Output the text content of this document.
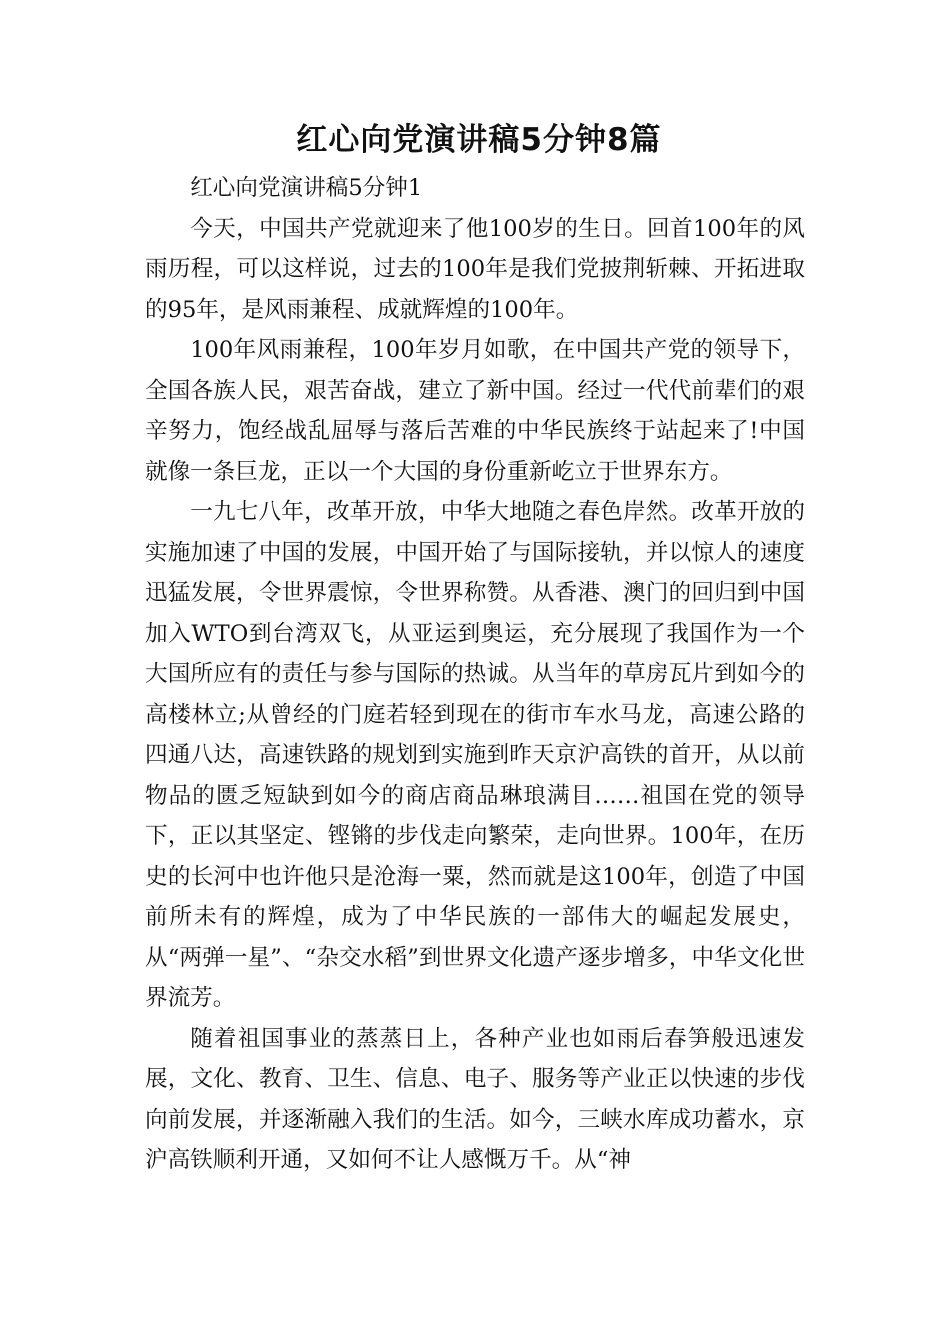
红心向党演讲稿5分钟8篇

红心向党演讲稿5分钟1

今天，中国共产党就迎来了他100岁的生日。回首100年的风雨历程，可以这样说，过去的100年是我们党披荆斩棘、开拓进取的95年，是风雨兼程、成就辉煌的100年。

100年风雨兼程，100年岁月如歌，在中国共产党的领导下，全国各族人民，艰苦奋战，建立了新中国。经过一代代前辈们的艰辛努力，饱经战乱屈辱与落后苦难的中华民族终于站起来了!中国就像一条巨龙，正以一个大国的身份重新屹立于世界东方。

一九七八年，改革开放，中华大地随之春色岸然。改革开放的实施加速了中国的发展，中国开始了与国际接轨，并以惊人的速度迅猛发展，令世界震惊，令世界称赞。从香港、澳门的回归到中国加入WTO到台湾双飞，从亚运到奥运，充分展现了我国作为一个大国所应有的责任与参与国际的热诚。从当年的草房瓦片到如今的高楼林立;从曾经的门庭若轻到现在的街市车水马龙，高速公路的四通八达，高速铁路的规划到实施到昨天京沪高铁的首开，从以前物品的匮乏短缺到如今的商店商品琳琅满目……祖国在党的领导下，正以其坚定、铿锵的步伐走向繁荣，走向世界。100年，在历史的长河中也许他只是沧海一粟，然而就是这100年，创造了中国前所未有的辉煌，成为了中华民族的一部伟大的崛起发展史，从“两弹一星”、“杂交水稻”到世界文化遗产逐步增多，中华文化世界流芳。

随着祖国事业的蒸蒸日上，各种产业也如雨后春笋般迅速发展，文化、教育、卫生、信息、电子、服务等产业正以快速的步伐向前发展，并逐渐融入我们的生活。如今，三峡水库成功蓄水，京沪高铁顺利开通，又如何不让人感慨万千。从“神
